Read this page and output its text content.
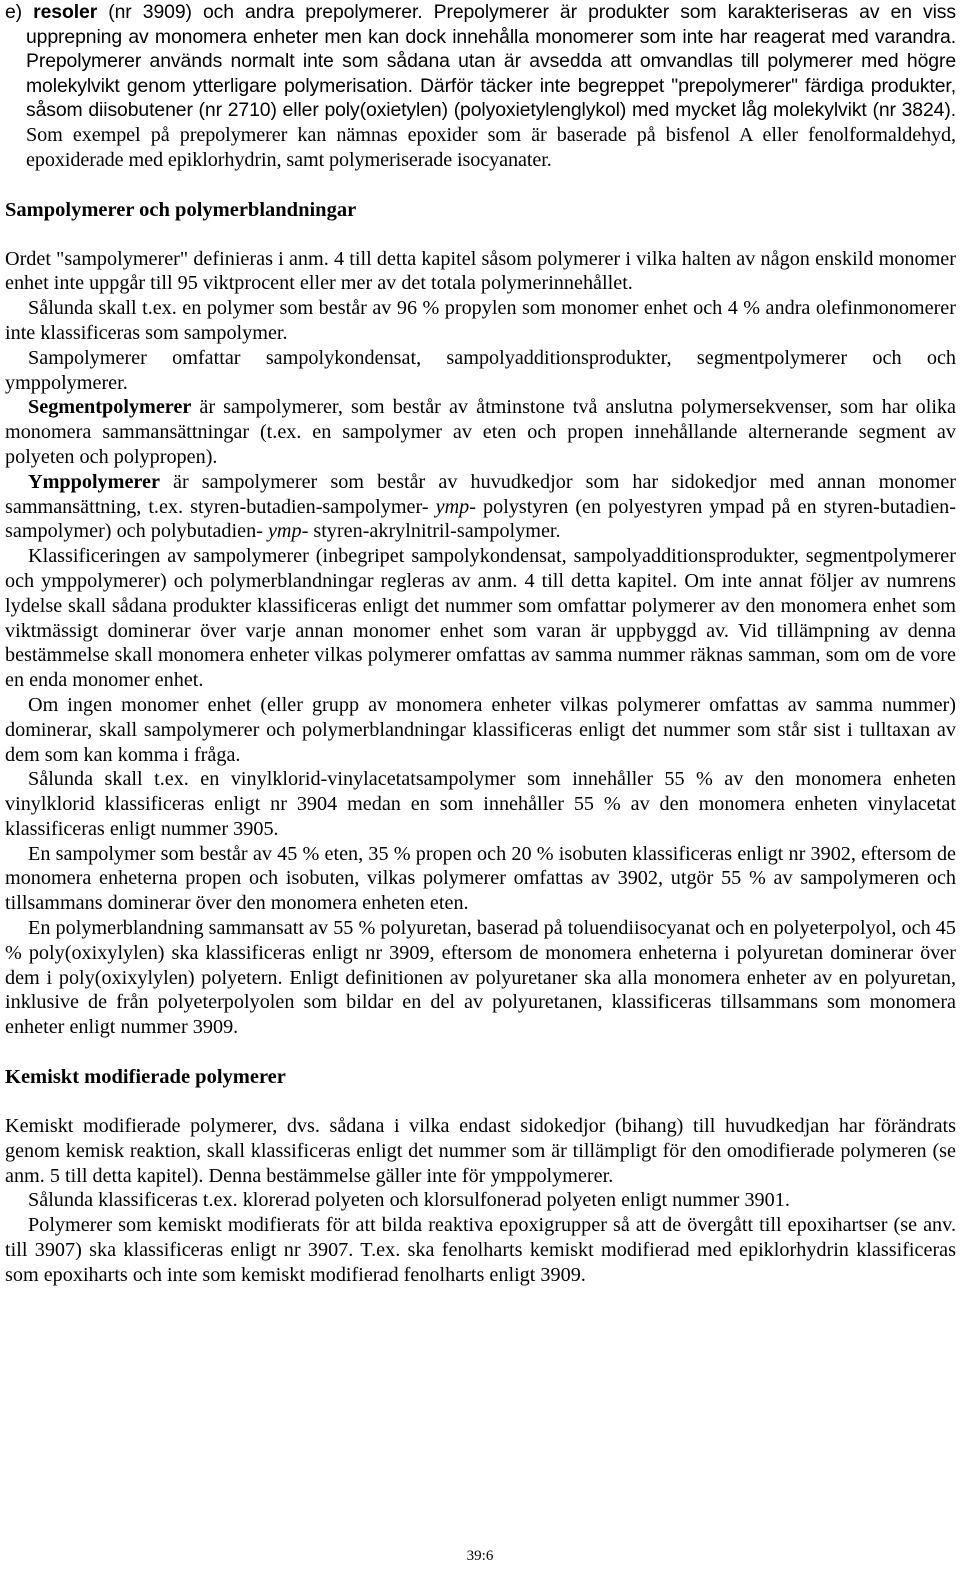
e) resoler (nr 3909) och andra prepolymerer. Prepolymerer är produkter som karakteriseras av en viss upprepning av monomera enheter men kan dock innehålla monomerer som inte har reagerat med varandra. Prepolymerer används normalt inte som sådana utan är avsedda att omvandlas till polymerer med högre molekylvikt genom ytterligare polymerisation. Därför täcker inte begreppet "prepolymerer" färdiga produkter, såsom diisobutener (nr 2710) eller poly(oxietylen) (polyoxietylenglykol) med mycket låg molekylvikt (nr 3824). Som exempel på prepolymerer kan nämnas epoxider som är baserade på bisfenol A eller fenolformaldehyd, epoxiderade med epiklorhydrin, samt polymeriserade isocyanater.

Sampolymerer och polymerblandningar

Ordet "sampolymerer" definieras i anm. 4 till detta kapitel såsom polymerer i vilka halten av någon enskild monomer enhet inte uppgår till 95 viktprocent eller mer av det totala polymerinnehållet.

Sålunda skall t.ex. en polymer som består av 96 % propylen som monomer enhet och 4 % andra olefinmonomerer inte klassificeras som sampolymer.

Sampolymerer omfattar sampolykondensat, sampolyadditionsprodukter, segmentpolymerer och och ymppolymerer.

Segmentpolymerer är sampolymerer, som består av åtminstone två anslutna polymersekvenser, som har olika monomera sammansättningar (t.ex. en sampolymer av eten och propen innehållande alternerande segment av polyeten och polypropen).

Ymppolymerer är sampolymerer som består av huvudkedjor som har sidokedjor med annan monomer sammansättning, t.ex. styren-butadien-sampolymer- ymp- polystyren (en polyestyren ympad på en styren-butadien-sampolymer) och polybutadien- ymp- styren-akrylnitril-sampolymer.

Klassificeringen av sampolymerer (inbegripet sampolykondensat, sampolyadditionsprodukter, segmentpolymerer och ymppolymerer) och polymerblandningar regleras av anm. 4 till detta kapitel. Om inte annat följer av numrens lydelse skall sådana produkter klassificeras enligt det nummer som omfattar polymerer av den monomera enhet som viktmässigt dominerar över varje annan monomer enhet som varan är uppbyggd av. Vid tillämpning av denna bestämmelse skall monomera enheter vilkas polymerer omfattas av samma nummer räknas samman, som om de vore en enda monomer enhet.

Om ingen monomer enhet (eller grupp av monomera enheter vilkas polymerer omfattas av samma nummer) dominerar, skall sampolymerer och polymerblandningar klassificeras enligt det nummer som står sist i tulltaxan av dem som kan komma i fråga.

Sålunda skall t.ex. en vinylklorid-vinylacetatsampolymer som innehåller 55 % av den monomera enheten vinylklorid klassificeras enligt nr 3904 medan en som innehåller 55 % av den monomera enheten vinylacetat klassificeras enligt nummer 3905.

En sampolymer som består av 45 % eten, 35 % propen och 20 % isobuten klassificeras enligt nr 3902, eftersom de monomera enheterna propen och isobuten, vilkas polymerer omfattas av 3902, utgör 55 % av sampolymeren och tillsammans dominerar över den monomera enheten eten.

En polymerblandning sammansatt av 55 % polyuretan, baserad på toluendiisocyanat och en polyeterpolyol, och 45 % poly(oxixylylen) ska klassificeras enligt nr 3909, eftersom de monomera enheterna i polyuretan dominerar över dem i poly(oxixylylen) polyetern. Enligt definitionen av polyuretaner ska alla monomera enheter av en polyuretan, inklusive de från polyeterpolyolen som bildar en del av polyuretanen, klassificeras tillsammans som monomera enheter enligt nummer 3909.

Kemiskt modifierade polymerer

Kemiskt modifierade polymerer, dvs. sådana i vilka endast sidokedjor (bihang) till huvudkedjan har förändrats genom kemisk reaktion, skall klassificeras enligt det nummer som är tillämpligt för den omodifierade polymeren (se anm. 5 till detta kapitel). Denna bestämmelse gäller inte för ymppolymerer.

Sålunda klassificeras t.ex. klorerad polyeten och klorsulfonerad polyeten enligt nummer 3901.

Polymerer som kemiskt modifierats för att bilda reaktiva epoxigrupper så att de övergått till epoxihartser (se anv. till 3907) ska klassificeras enligt nr 3907. T.ex. ska fenolharts kemiskt modifierad med epiklorhydrin klassificeras som epoxiharts och inte som kemiskt modifierad fenolharts enligt 3909.

39:6
